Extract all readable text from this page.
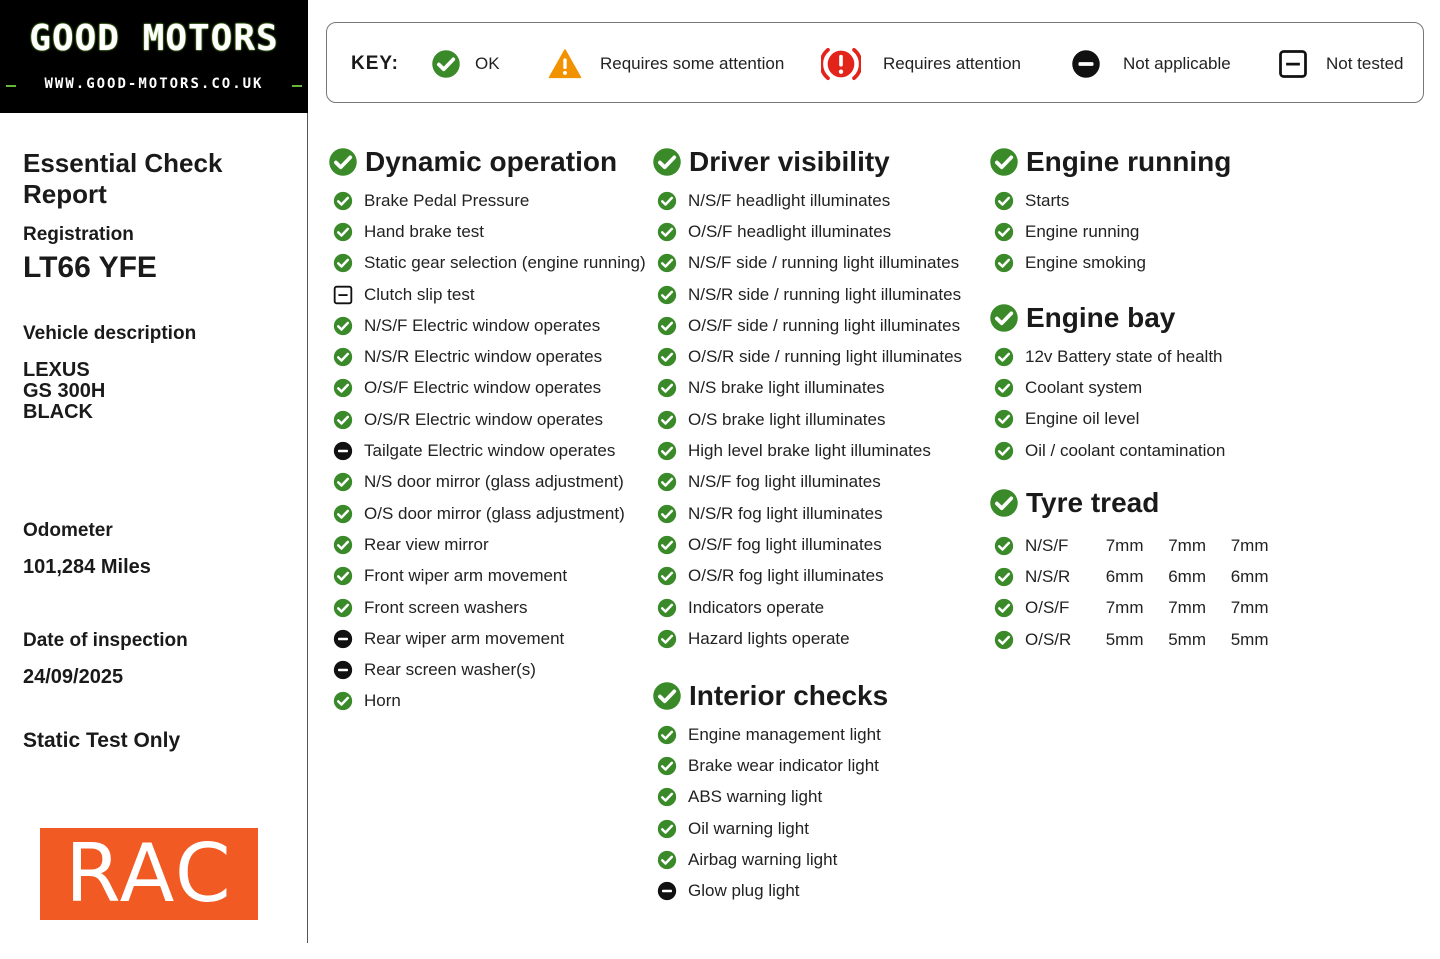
GOOD MOTORS
WWW.GOOD-MOTORS.CO.UK
Essential Check Report
Registration
LT66 YFE
Vehicle description
LEXUS
GS 300H
BLACK
Odometer
101,284 Miles
Date of inspection
24/09/2025
Static Test Only
RAC
KEY:	OK	Requires some attention	Requires attention	Not applicable	Not tested
Dynamic operation
Brake Pedal Pressure
Hand brake test
Static gear selection (engine running)
Clutch slip test
N/S/F Electric window operates
N/S/R Electric window operates
O/S/F Electric window operates
O/S/R Electric window operates
Tailgate Electric window operates
N/S door mirror (glass adjustment)
O/S door mirror (glass adjustment)
Rear view mirror
Front wiper arm movement
Front screen washers
Rear wiper arm movement
Rear screen washer(s)
Horn
Driver visibility
N/S/F headlight illuminates
O/S/F headlight illuminates
N/S/F side / running light illuminates
N/S/R side / running light illuminates
O/S/F side / running light illuminates
O/S/R side / running light illuminates
N/S brake light illuminates
O/S brake light illuminates
High level brake light illuminates
N/S/F fog light illuminates
N/S/R fog light illuminates
O/S/F fog light illuminates
O/S/R fog light illuminates
Indicators operate
Hazard lights operate
Interior checks
Engine management light
Brake wear indicator light
ABS warning light
Oil warning light
Airbag warning light
Glow plug light
Engine running
Starts
Engine running
Engine smoking
Engine bay
12v Battery state of health
Coolant system
Engine oil level
Oil / coolant contamination
Tyre tread
N/S/F	7mm	7mm	7mm
N/S/R	6mm	6mm	6mm
O/S/F	7mm	7mm	7mm
O/S/R	5mm	5mm	5mm
